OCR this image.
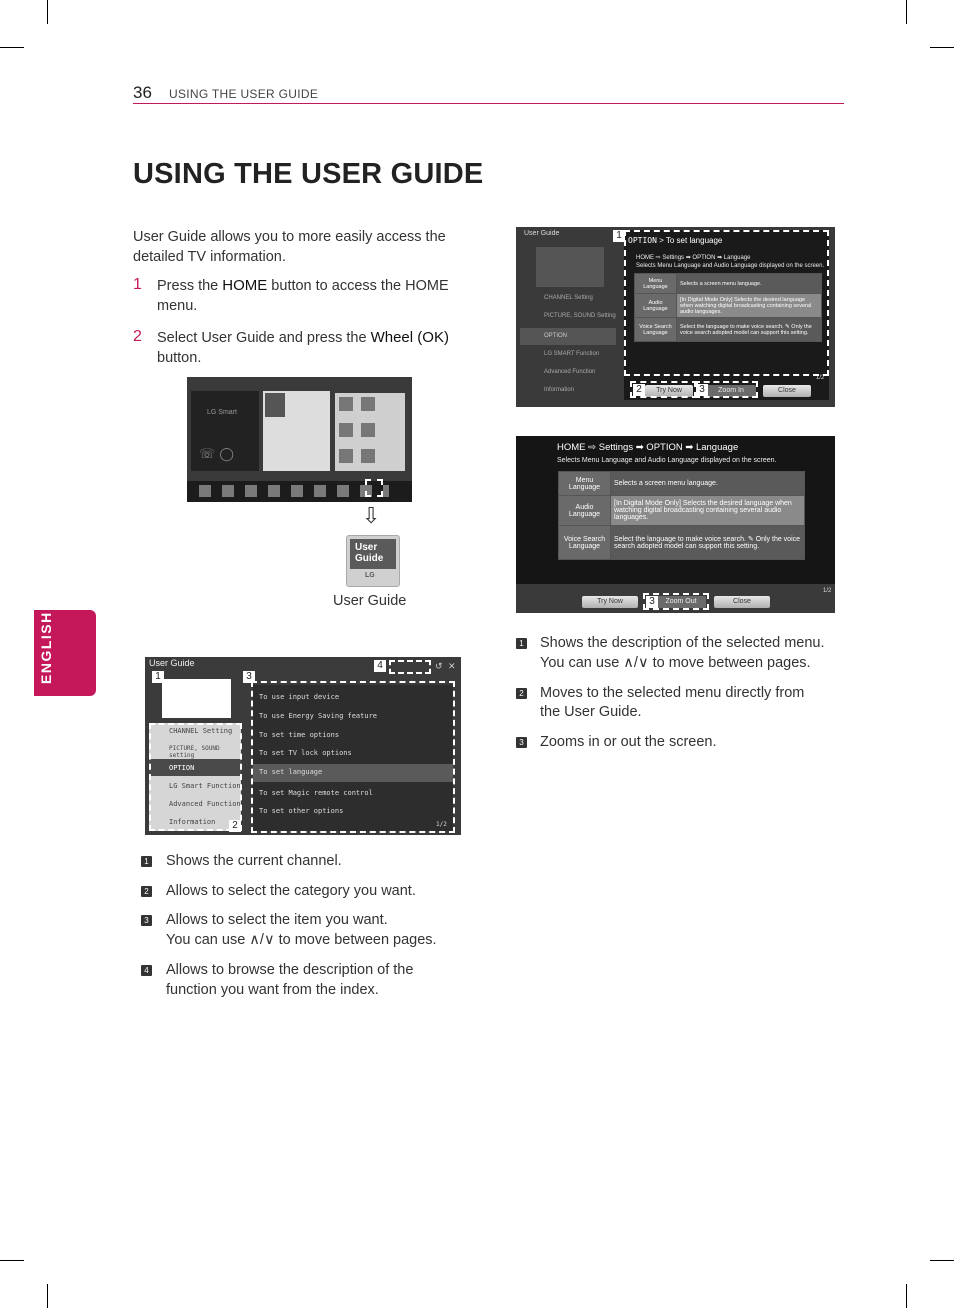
36 USING THE USER GUIDE
USING THE USER GUIDE
ENGLISH
User Guide allows you to more easily access the
detailed TV information.
1 Press the HOME button to access the HOME
menu.
2 Select User Guide and press the Wheel (OK)
button.
LG Smart
☏ ◯
⇩
User
Guide
LG
User Guide
User Guide
CHANNEL Setting
PICTURE, SOUND setting
OPTION
LG Smart Function
Advanced Function
Information
To use input device
To use Energy Saving feature
To set time options
To set TV lock options
To set language
To set Magic remote control
To set other options
1/2
↺ ✕
1
2
3
4
1 Shows the current channel.
2 Allows to select the category you want.
3 Allows to select the item you want.
You can use ∧/∨ to move between pages.
4 Allows to browse the description of the
function you want from the index.
User Guide
CHANNEL Setting
PICTURE, SOUND Setting
OPTION
LG SMART Function
Advanced Function
Information
OPTION > To set language
HOME ⇨ Settings ➡ OPTION ➡ Language
Selects Menu Language and Audio Language displayed on the screen.
Menu Language	Selects a screen menu language.
Audio Language	[In Digital Mode Only] Selects the desired language when watching digital broadcasting containing several audio languages.
Voice Search Language	Select the language to make voice search. ✎ Only the voice search adopted model can support this setting.
Try Now	Zoom In	Close
1/2
1
2	3
HOME ⇨ Settings ➡ OPTION ➡ Language
Selects Menu Language and Audio Language displayed on the screen.
Menu Language	Selects a screen menu language.
Audio Language	[In Digital Mode Only] Selects the desired language when watching digital broadcasting containing several audio languages.
Voice Search Language	Select the language to make voice search. ✎ Only the voice search adopted model can support this setting.
Try Now	Zoom Out	Close
1/2
3
1 Shows the description of the selected menu.
You can use ∧/∨ to move between pages.
2 Moves to the selected menu directly from
the User Guide.
3 Zooms in or out the screen.
